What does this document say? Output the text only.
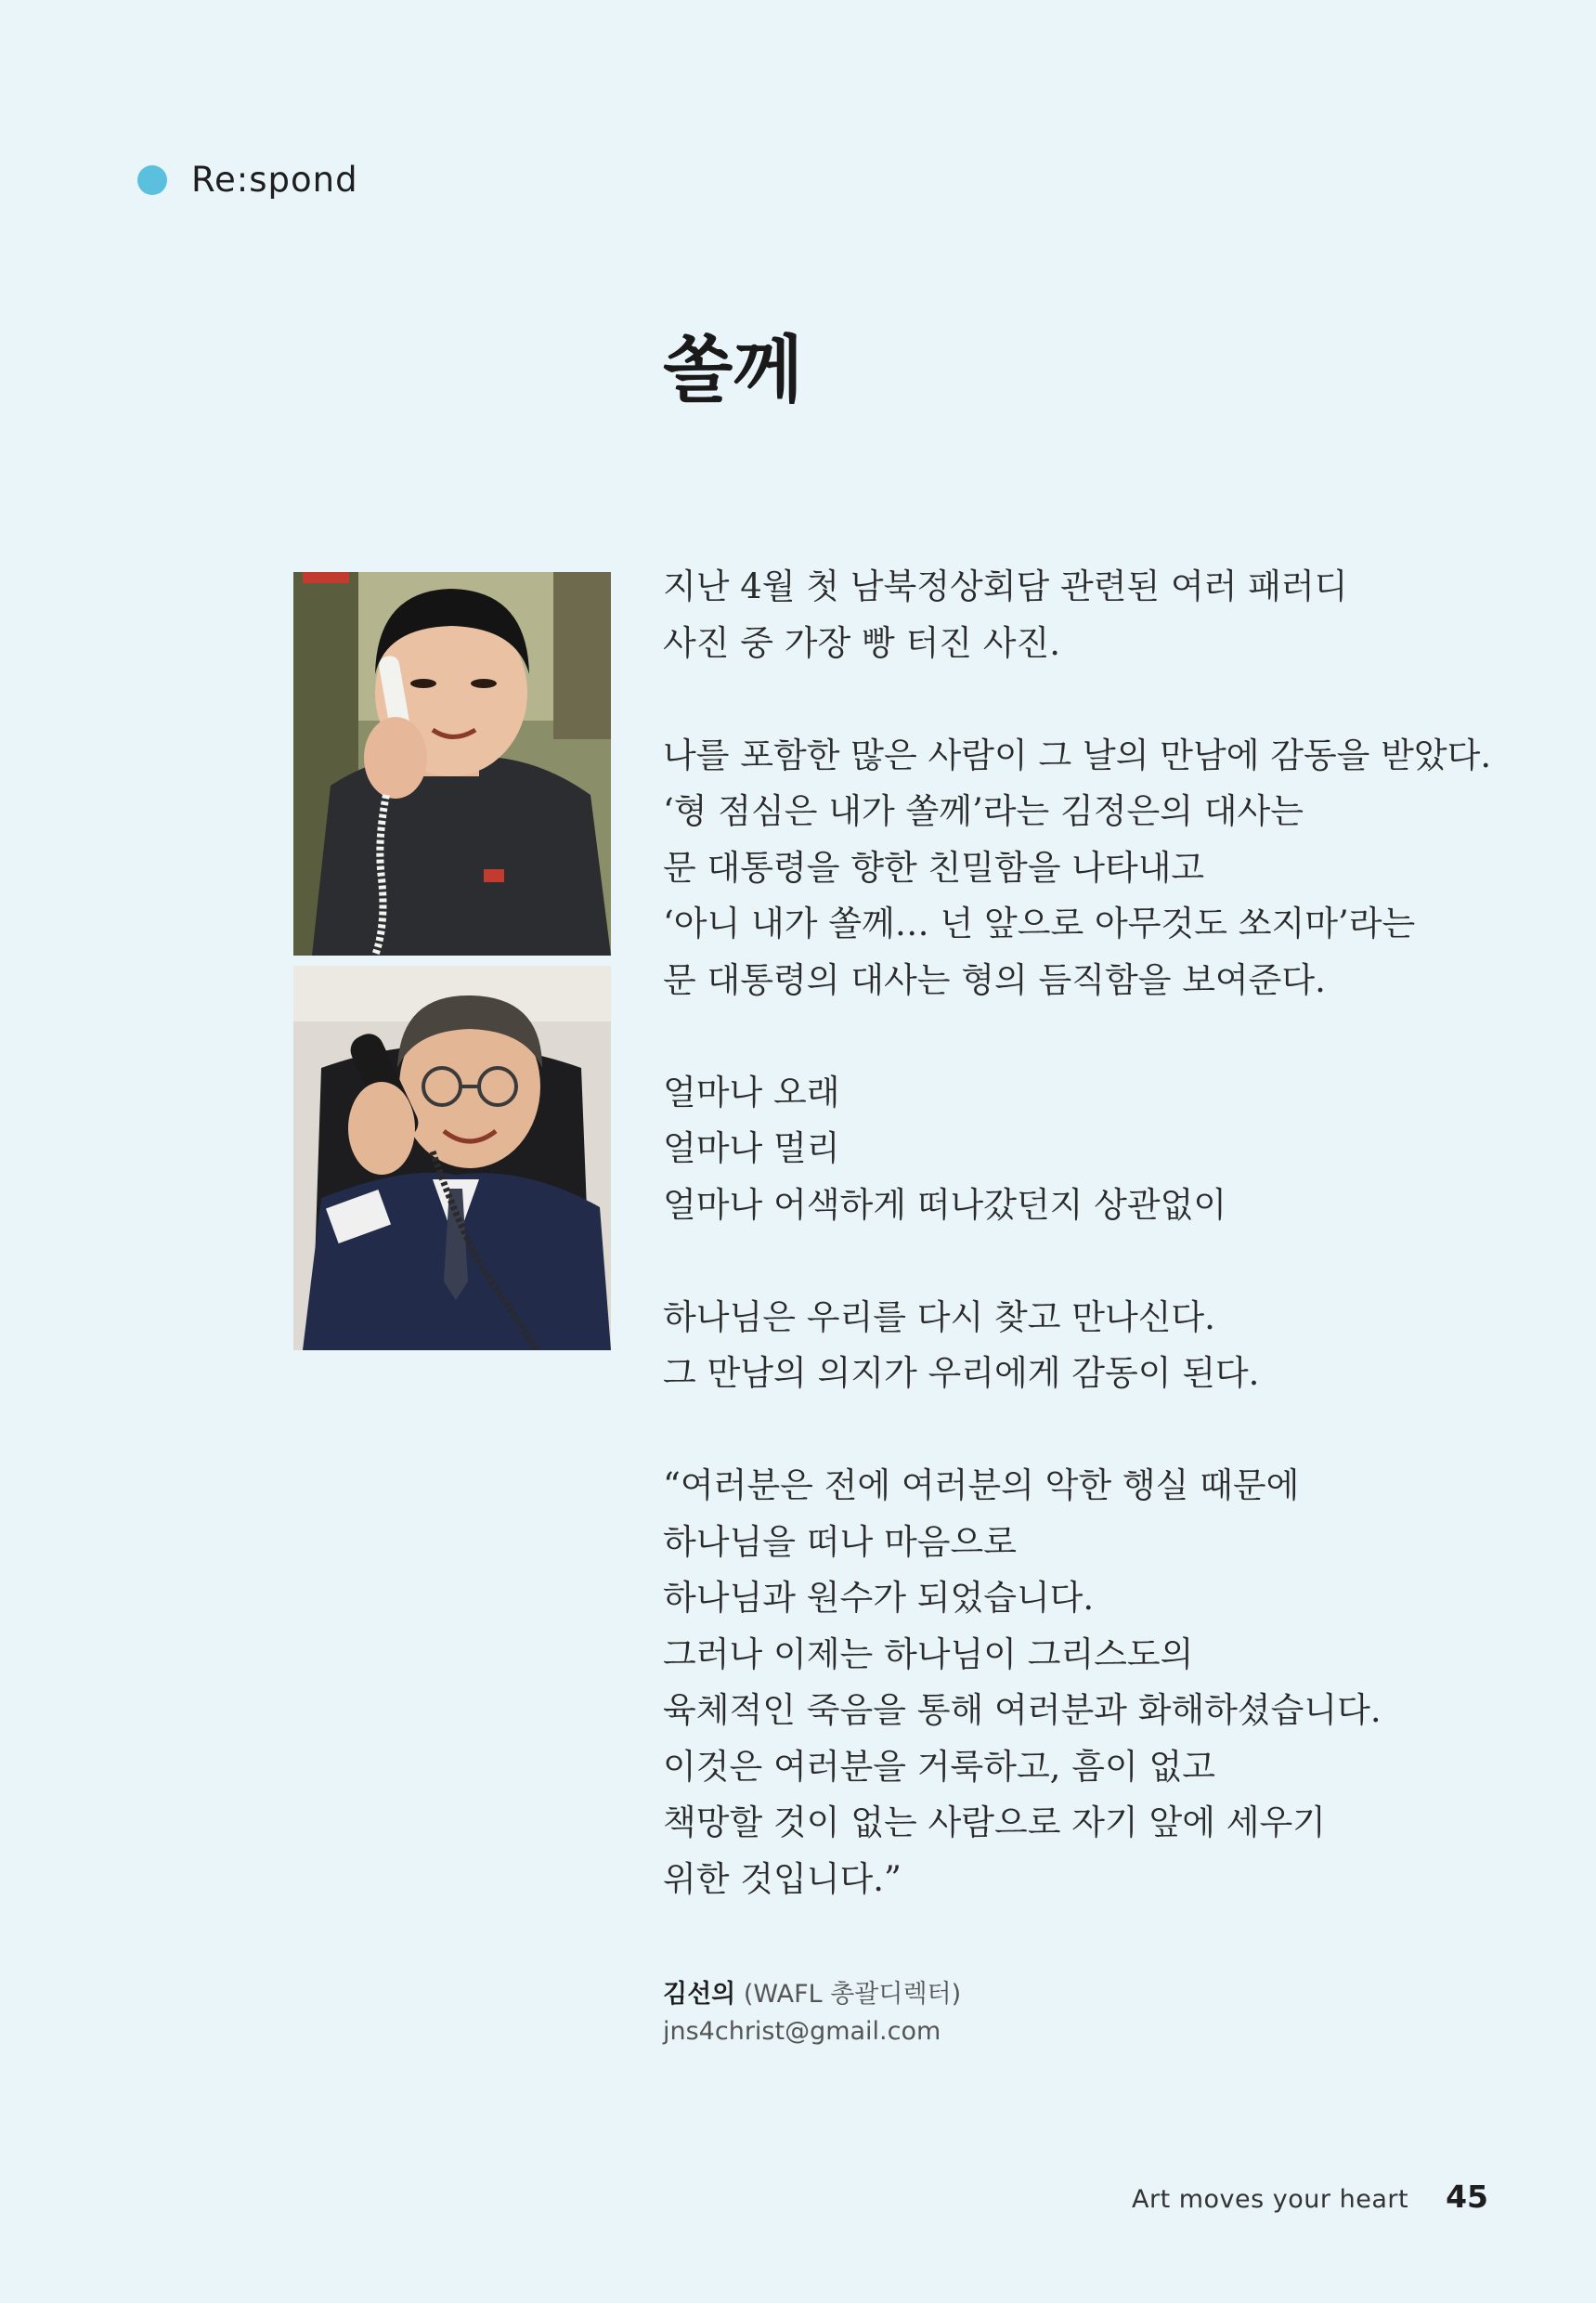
Re:spond
쏠께

지난 4월 첫 남북정상회담 관련된 여러 패러디
사진 중 가장 빵 터진 사진.

나를 포함한 많은 사람이 그 날의 만남에 감동을 받았다.
‘형 점심은 내가 쏠께’라는 김정은의 대사는
문 대통령을 향한 친밀함을 나타내고
‘아니 내가 쏠께… 넌 앞으로 아무것도 쏘지마’라는
문 대통령의 대사는 형의 듬직함을 보여준다.

얼마나 오래
얼마나 멀리
얼마나 어색하게 떠나갔던지 상관없이

하나님은 우리를 다시 찾고 만나신다.
그 만남의 의지가 우리에게 감동이 된다.

“여러분은 전에 여러분의 악한 행실 때문에
하나님을 떠나 마음으로
하나님과 원수가 되었습니다.
그러나 이제는 하나님이 그리스도의
육체적인 죽음을 통해 여러분과 화해하셨습니다.
이것은 여러분을 거룩하고, 흠이 없고
책망할 것이 없는 사람으로 자기 앞에 세우기
위한 것입니다.”

김선의 (WAFL 총괄디렉터)
jns4christ@gmail.com
Art moves your heart 45
